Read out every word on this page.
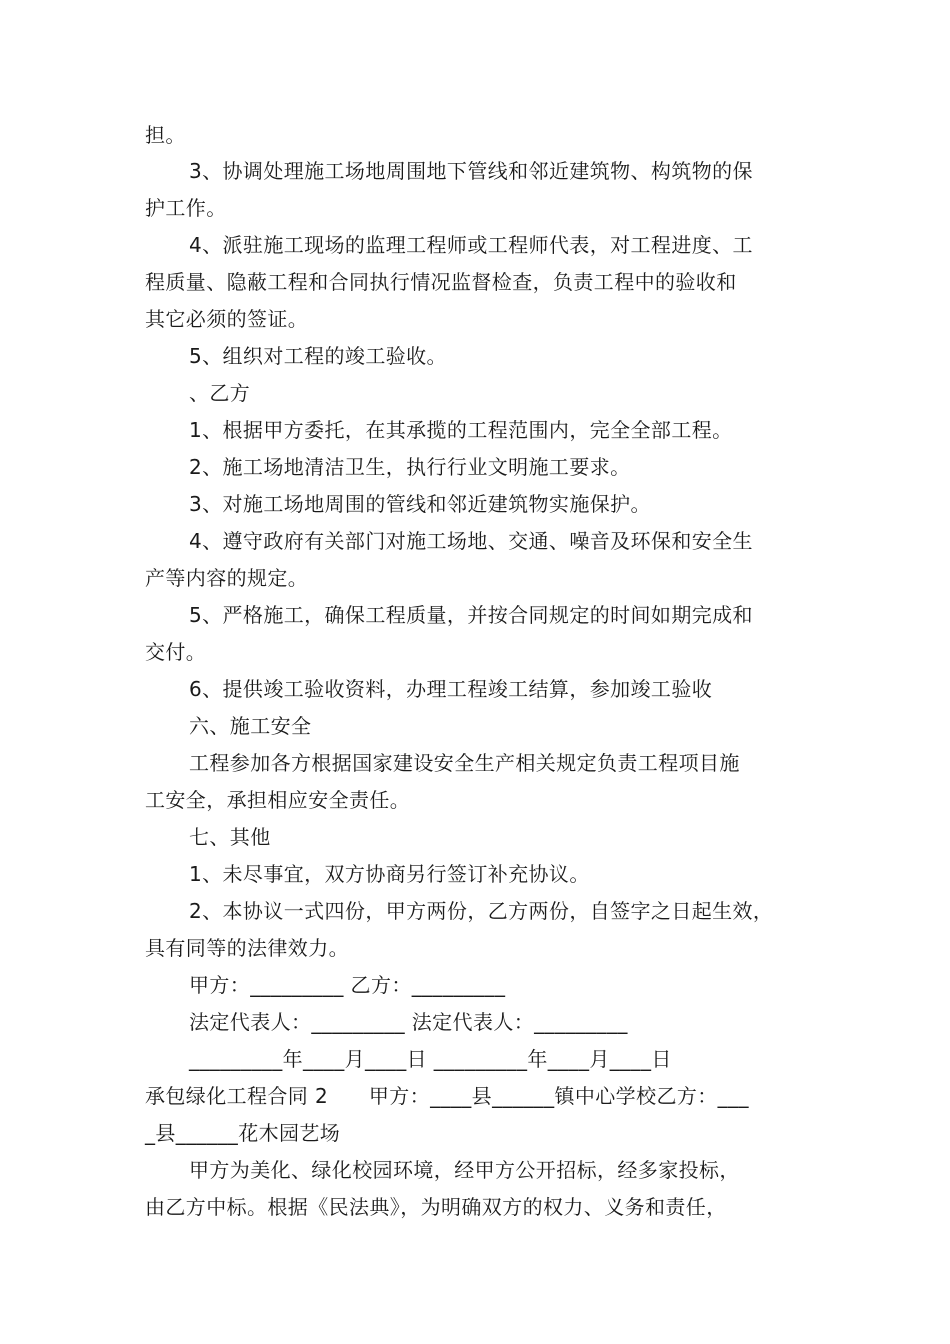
担。
3、协调处理施工场地周围地下管线和邻近建筑物、构筑物的保
护工作。
4、派驻施工现场的监理工程师或工程师代表，对工程进度、工
程质量、隐蔽工程和合同执行情况监督检查，负责工程中的验收和
其它必须的签证。
5、组织对工程的竣工验收。
、乙方
1、根据甲方委托，在其承揽的工程范围内，完全全部工程。
2、施工场地清洁卫生，执行行业文明施工要求。
3、对施工场地周围的管线和邻近建筑物实施保护。
4、遵守政府有关部门对施工场地、交通、噪音及环保和安全生
产等内容的规定。
5、严格施工，确保工程质量，并按合同规定的时间如期完成和
交付。
6、提供竣工验收资料，办理工程竣工结算，参加竣工验收
六、施工安全
工程参加各方根据国家建设安全生产相关规定负责工程项目施
工安全，承担相应安全责任。
七、其他
1、未尽事宜，双方协商另行签订补充协议。
2、本协议一式四份，甲方两份，乙方两份，自签字之日起生效，
具有同等的法律效力。
甲方：_________ 乙方：_________
法定代表人：_________ 法定代表人：_________
_________年____月____日 _________年____月____日
承包绿化工程合同 2　　甲方：____县______镇中心学校乙方：___
_县______花木园艺场
甲方为美化、绿化校园环境，经甲方公开招标，经多家投标，
由乙方中标。根据《民法典》，为明确双方的权力、义务和责任，
